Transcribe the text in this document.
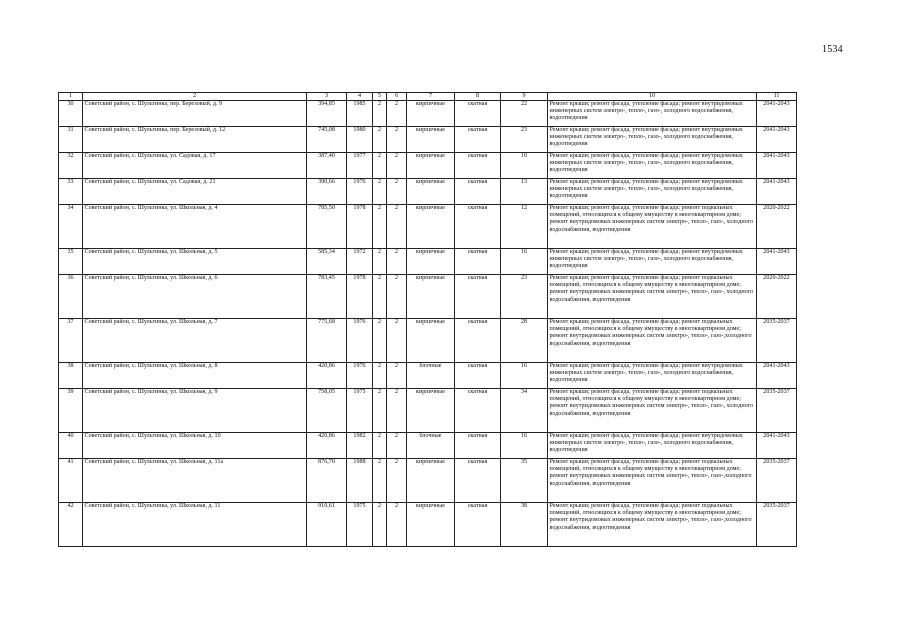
1534
1	2	3	4	5	6	7	8	9	10	11
30	Советский район, с. Шульгинка, пер. Березовый, д. 9	394,85	1985	2	2	кирпичные	скатная	22	Ремонт крыши; ремонт фасада, утепление фасада; ремонт внутридомовых инженерных систем электро-, тепло-, газо-, холодного водоснабжения, водоотведения	2041-2043
31	Советский район, с. Шульгинка, пер. Березовый, д. 12	745,08	1980	2	2	кирпичные	скатная	23	Ремонт крыши; ремонт фасада, утепление фасада; ремонт внутридомовых инженерных систем электро-, тепло-, газо-, холодного водоснабжения, водоотведения	2041-2043
32	Советский район, с. Шульгинка, ул. Садовая, д. 17	387,40	1977	2	2	кирпичные	скатная	10	Ремонт крыши; ремонт фасада, утепление фасада; ремонт внутридомовых инженерных систем электро-, тепло-, газо-, холодного водоснабжения, водоотведения	2041-2043
33	Советский район, с. Шульгинка, ул. Садовая, д. 21	390,66	1976	2	2	кирпичные	скатная	13	Ремонт крыши; ремонт фасада, утепление фасада; ремонт внутридомовых инженерных систем электро-, тепло-, газо-, холодного водоснабжения, водоотведения	2041-2043
34	Советский район, с. Шульгинка, ул. Школьная, д. 4	785,50	1978	2	2	кирпичные	скатная	12	Ремонт крыши; ремонт фасада, утепление фасада; ремонт подвальных помещений, относящихся к общему имуществу в многоквартирном доме; ремонт внутридомовых инженерных систем электро-, тепло-, газо-, холодного водоснабжения, водоотведения	2020-2022
35	Советский район, с. Шульгинка, ул. Школьная, д. 5	585,34	1972	2	2	кирпичные	скатная	16	Ремонт крыши; ремонт фасада, утепление фасада; ремонт внутридомовых инженерных систем электро-, тепло-, газо-, холодного водоснабжения, водоотведения	2041-2043
36	Советский район, с. Шульгинка, ул. Школьная, д. 6	783,45	1978	2	2	кирпичные	скатная	23	Ремонт крыши; ремонт фасада, утепление фасада; ремонт подвальных помещений, относящихся к общему имуществу в многоквартирном доме; ремонт внутридомовых инженерных систем электро-, тепло-, газо-, холодного водоснабжения, водоотведения	2020-2022
37	Советский район, с. Шульгинка, ул. Школьная, д. 7	775,68	1976	2	2	кирпичные	скатная	28	Ремонт крыши; ремонт фасада, утепление фасада; ремонт подвальных помещений, относящихся к общему имуществу в многоквартирном доме; ремонт внутридомовых инженерных систем электро-, тепло-, газо-,холодного водоснабжения, водоотведения	2035-2037
38	Советский район, с. Шульгинка, ул. Школьная, д. 8	420,86	1976	2	2	блочные	скатная	16	Ремонт крыши; ремонт фасада, утепление фасада; ремонт внутридомовых инженерных систем электро-, тепло-, газо-, холодного водоснабжения, водоотведения	2041-2043
39	Советский район, с. Шульгинка, ул. Школьная, д. 9	758,05	1975	2	2	кирпичные	скатная	34	Ремонт крыши; ремонт фасада, утепление фасада; ремонт подвальных помещений, относящихся к общему имуществу в многоквартирном доме; ремонт внутридомовых инженерных систем электро-, тепло-, газо-, холодного водоснабжения, водоотведения	2035-2037
40	Советский район, с. Шульгинка, ул. Школьная, д. 10	420,86	1982	2	2	блочные	скатная	16	Ремонт крыши; ремонт фасада, утепление фасада; ремонт внутридомовых инженерных систем электро-, тепло-, газо-, холодного водоснабжения, водоотведения	2041-2043
41	Советский район, с. Шульгинка, ул. Школьная, д. 11а	876,70	1988	2	2	кирпичные	скатная	35	Ремонт крыши; ремонт фасада, утепление фасада; ремонт подвальных помещений, относящихся к общему имуществу в многоквартирном доме; ремонт внутридомовых инженерных систем электро-, тепло-, газо-,холодного водоснабжения, водоотведения	2035-2037
42	Советский район, с. Шульгинка, ул. Школьная, д. 11	910,61	1975	2	2	кирпичные	скатная	38	Ремонт крыши; ремонт фасада, утепление фасада; ремонт подвальных помещений, относящихся к общему имуществу в многоквартирном доме; ремонт внутридомовых инженерных систем электро-, тепло-, газо-,холодного водоснабжения, водоотведения	2035-2037
